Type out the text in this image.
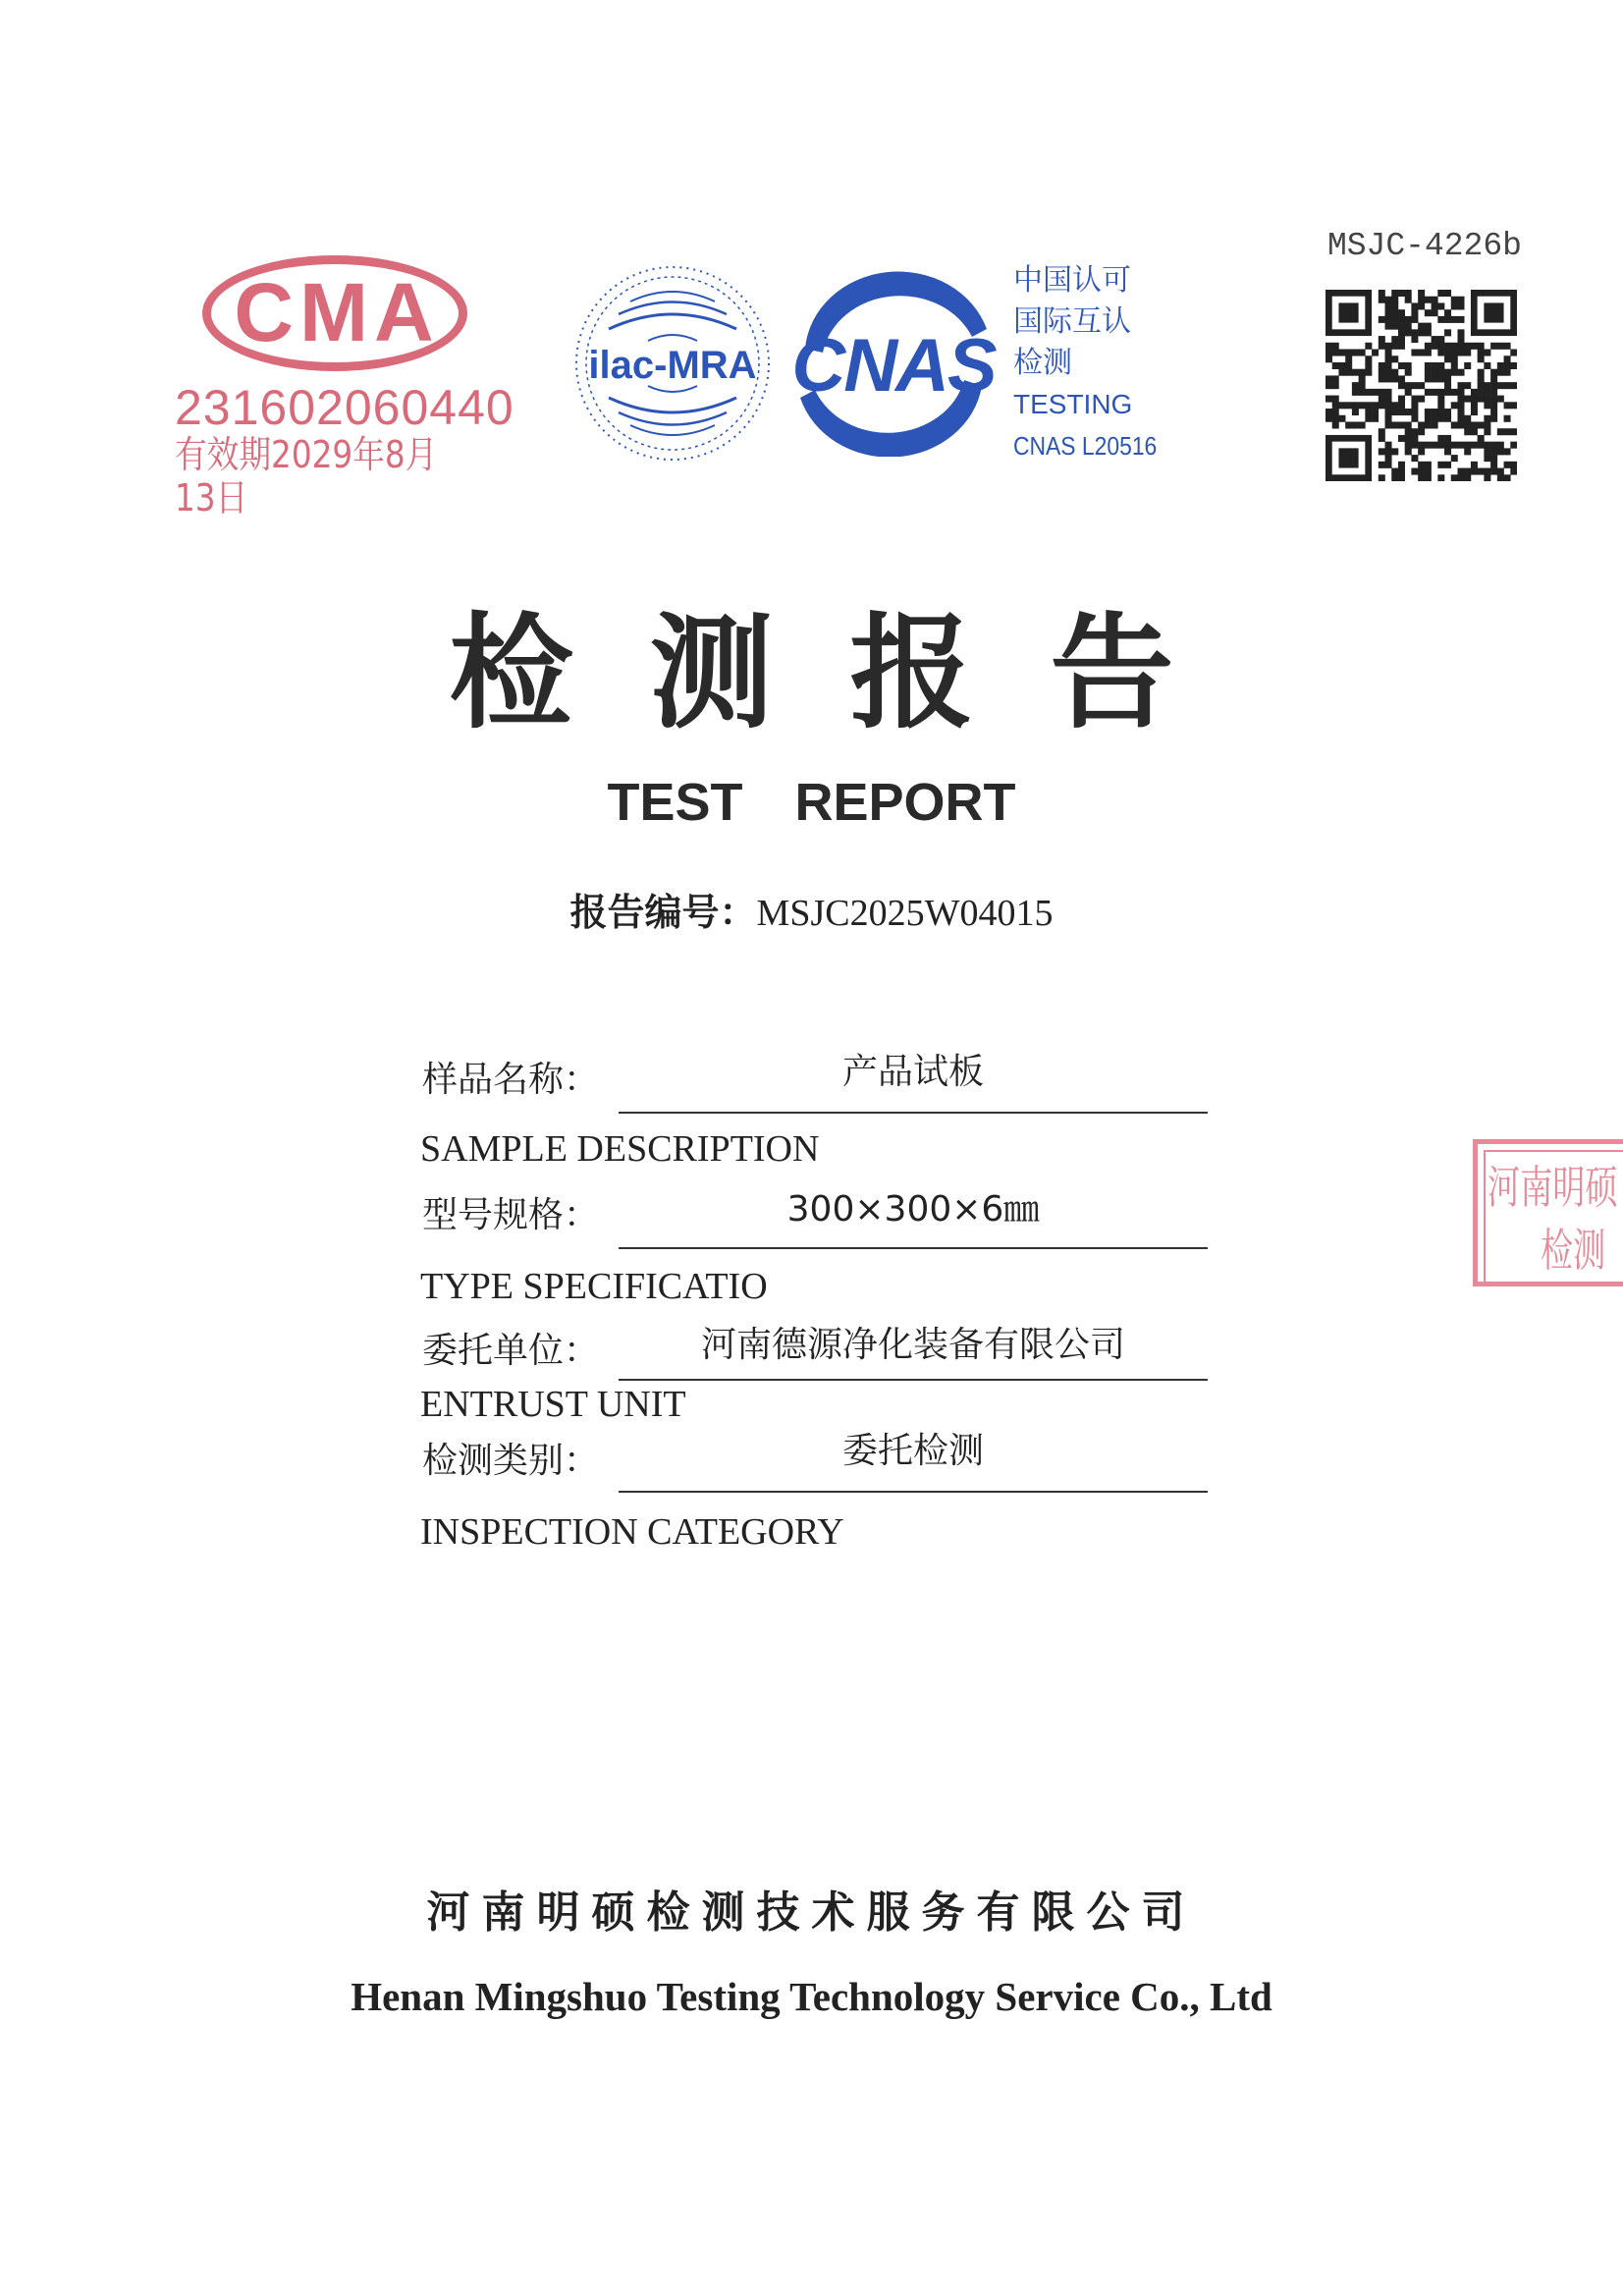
CMA
231602060440
有效期2029年8月13日
ilac-MRA CNAS
中国认可
国际互认
检测
TESTING
CNAS L20516
MSJC-4226b
检测报告
TEST REPORT
报告编号：MSJC2025W04015
样品名称：	产品试板
SAMPLE DESCRIPTION
型号规格：	300×300×6㎜
TYPE SPECIFICATIO
委托单位：	河南德源净化装备有限公司
ENTRUST UNIT
检测类别：	委托检测
INSPECTION CATEGORY
河南明硕
检测
河南明硕检测技术服务有限公司
Henan Mingshuo Testing Technology Service Co., Ltd
